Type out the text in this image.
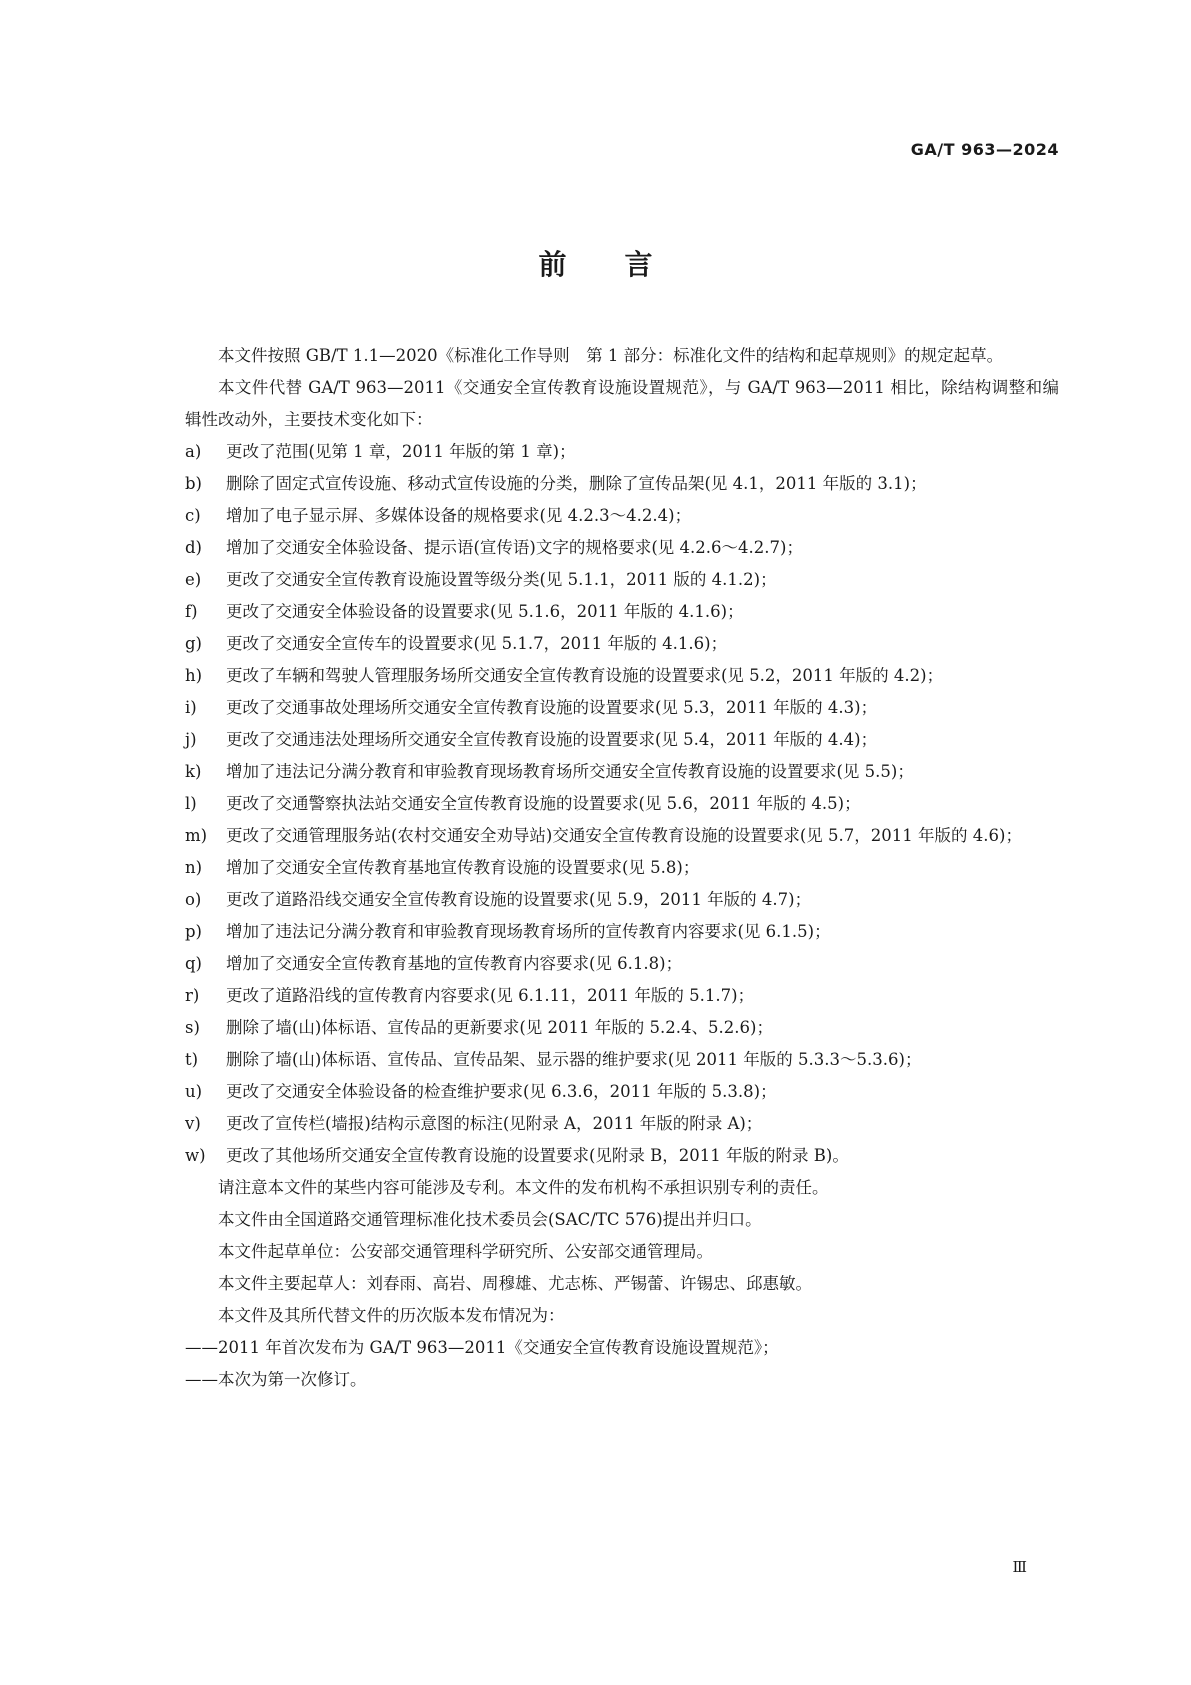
GA/T 963—2024
前 言

本文件按照 GB/T 1.1—2020《标准化工作导则　第 1 部分：标准化文件的结构和起草规则》的规定起草。

本文件代替 GA/T 963—2011《交通安全宣传教育设施设置规范》，与 GA/T 963—2011 相比，除结构调整和编辑性改动外，主要技术变化如下：

a) 更改了范围(见第 1 章，2011 年版的第 1 章)；
b) 删除了固定式宣传设施、移动式宣传设施的分类，删除了宣传品架(见 4.1，2011 年版的 3.1)；
c) 增加了电子显示屏、多媒体设备的规格要求(见 4.2.3～4.2.4)；
d) 增加了交通安全体验设备、提示语(宣传语)文字的规格要求(见 4.2.6～4.2.7)；
e) 更改了交通安全宣传教育设施设置等级分类(见 5.1.1，2011 版的 4.1.2)；
f) 更改了交通安全体验设备的设置要求(见 5.1.6，2011 年版的 4.1.6)；
g) 更改了交通安全宣传车的设置要求(见 5.1.7，2011 年版的 4.1.6)；
h) 更改了车辆和驾驶人管理服务场所交通安全宣传教育设施的设置要求(见 5.2，2011 年版的 4.2)；
i) 更改了交通事故处理场所交通安全宣传教育设施的设置要求(见 5.3，2011 年版的 4.3)；
j) 更改了交通违法处理场所交通安全宣传教育设施的设置要求(见 5.4，2011 年版的 4.4)；
k) 增加了违法记分满分教育和审验教育现场教育场所交通安全宣传教育设施的设置要求(见 5.5)；
l) 更改了交通警察执法站交通安全宣传教育设施的设置要求(见 5.6，2011 年版的 4.5)；
m) 更改了交通管理服务站(农村交通安全劝导站)交通安全宣传教育设施的设置要求(见 5.7，2011 年版的 4.6)；
n) 增加了交通安全宣传教育基地宣传教育设施的设置要求(见 5.8)；
o) 更改了道路沿线交通安全宣传教育设施的设置要求(见 5.9，2011 年版的 4.7)；
p) 增加了违法记分满分教育和审验教育现场教育场所的宣传教育内容要求(见 6.1.5)；
q) 增加了交通安全宣传教育基地的宣传教育内容要求(见 6.1.8)；
r) 更改了道路沿线的宣传教育内容要求(见 6.1.11，2011 年版的 5.1.7)；
s) 删除了墙(山)体标语、宣传品的更新要求(见 2011 年版的 5.2.4、5.2.6)；
t) 删除了墙(山)体标语、宣传品、宣传品架、显示器的维护要求(见 2011 年版的 5.3.3～5.3.6)；
u) 更改了交通安全体验设备的检查维护要求(见 6.3.6，2011 年版的 5.3.8)；
v) 更改了宣传栏(墙报)结构示意图的标注(见附录 A，2011 年版的附录 A)；
w) 更改了其他场所交通安全宣传教育设施的设置要求(见附录 B，2011 年版的附录 B)。

请注意本文件的某些内容可能涉及专利。本文件的发布机构不承担识别专利的责任。

本文件由全国道路交通管理标准化技术委员会(SAC/TC 576)提出并归口。

本文件起草单位：公安部交通管理科学研究所、公安部交通管理局。

本文件主要起草人：刘春雨、高岩、周穆雄、尤志栋、严锡蕾、许锡忠、邱惠敏。

本文件及其所代替文件的历次版本发布情况为：

——2011 年首次发布为 GA/T 963—2011《交通安全宣传教育设施设置规范》；

——本次为第一次修订。

Ⅲ
